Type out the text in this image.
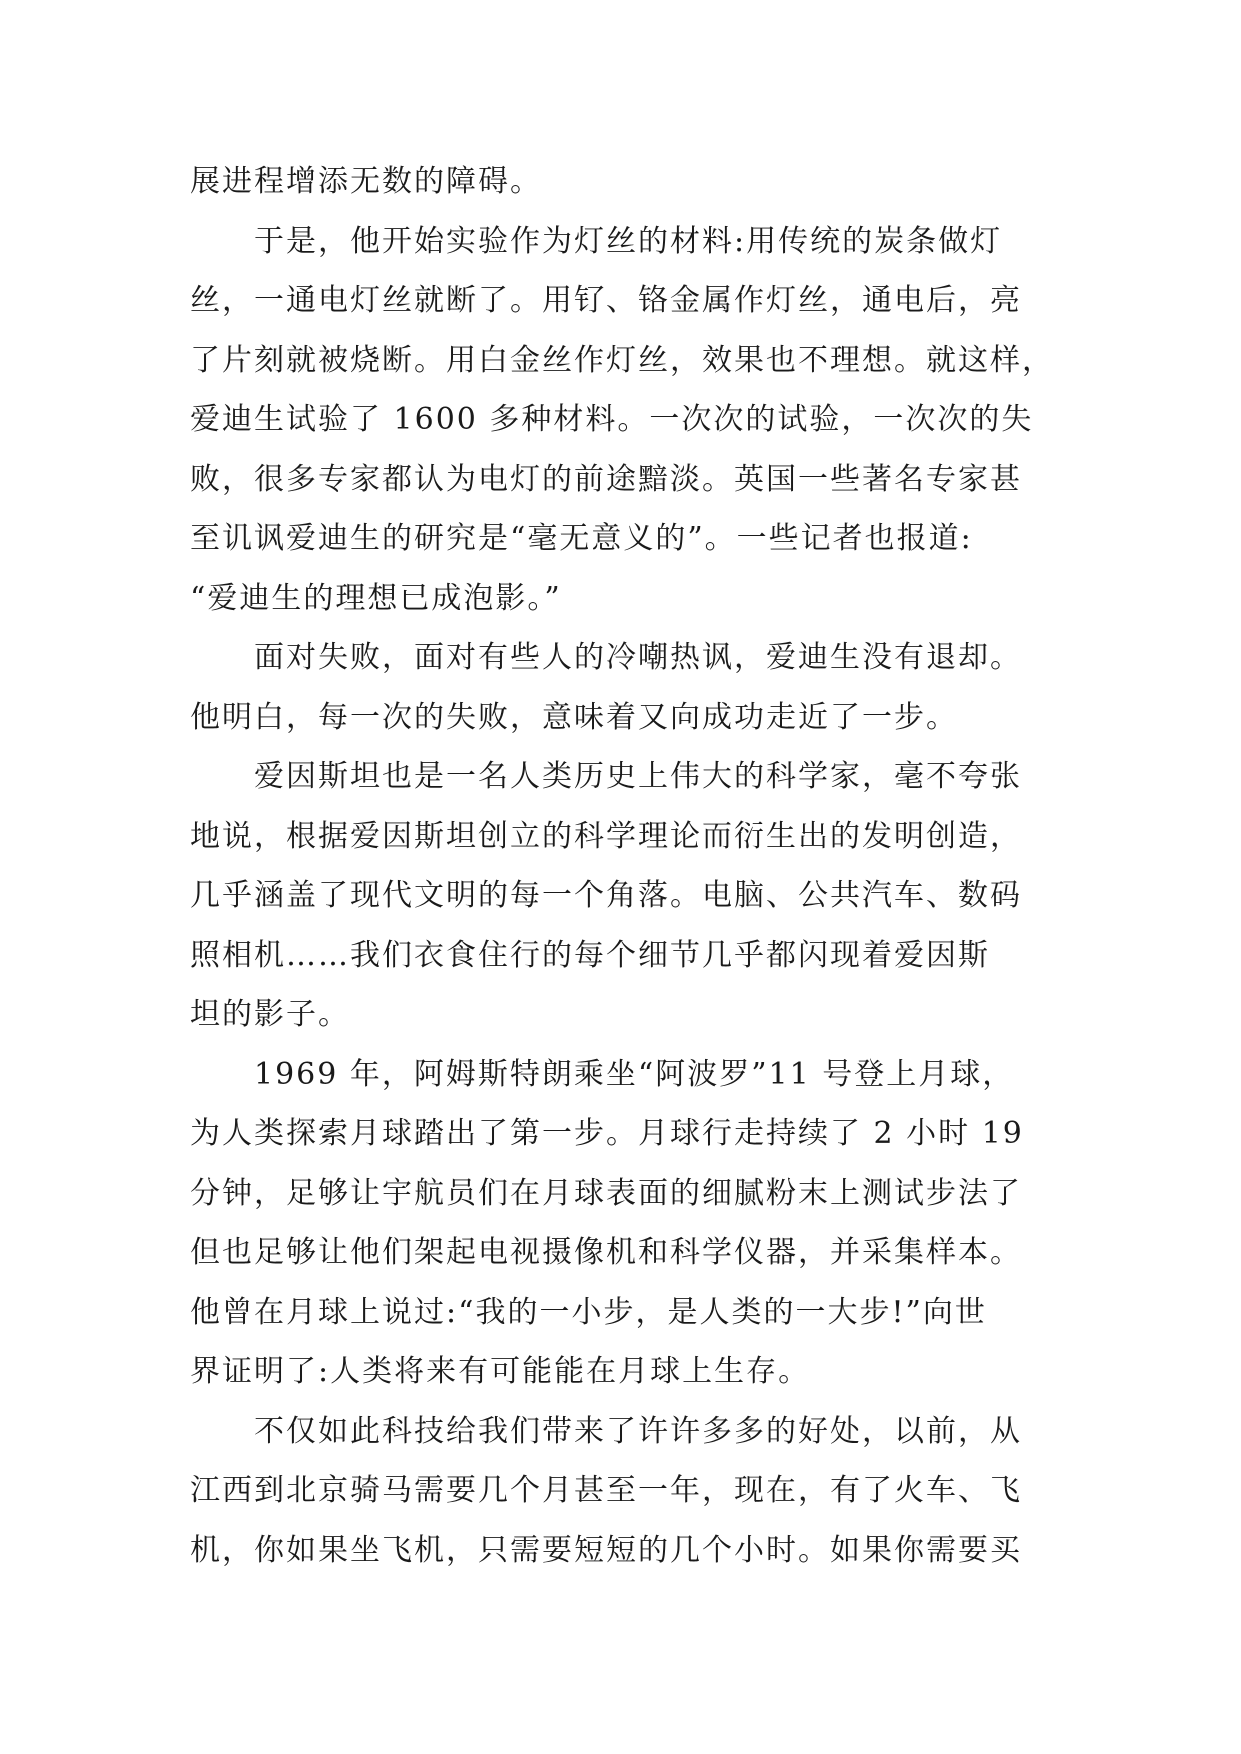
展进程增添无数的障碍。
于是，他开始实验作为灯丝的材料:用传统的炭条做灯
丝，一通电灯丝就断了。用钌、铬金属作灯丝，通电后，亮
了片刻就被烧断。用白金丝作灯丝，效果也不理想。就这样，
爱迪生试验了 1600 多种材料。一次次的试验，一次次的失
败，很多专家都认为电灯的前途黯淡。英国一些著名专家甚
至讥讽爱迪生的研究是“毫无意义的”。一些记者也报道:
“爱迪生的理想已成泡影。”
面对失败，面对有些人的冷嘲热讽，爱迪生没有退却。
他明白，每一次的失败，意味着又向成功走近了一步。
爱因斯坦也是一名人类历史上伟大的科学家，毫不夸张
地说，根据爱因斯坦创立的科学理论而衍生出的发明创造，
几乎涵盖了现代文明的每一个角落。电脑、公共汽车、数码
照相机……我们衣食住行的每个细节几乎都闪现着爱因斯
坦的影子。
1969 年，阿姆斯特朗乘坐“阿波罗”11 号登上月球，
为人类探索月球踏出了第一步。月球行走持续了 2 小时 19
分钟，足够让宇航员们在月球表面的细腻粉末上测试步法了
但也足够让他们架起电视摄像机和科学仪器，并采集样本。
他曾在月球上说过:“我的一小步，是人类的一大步!”向世
界证明了:人类将来有可能能在月球上生存。
不仅如此科技给我们带来了许许多多的好处，以前，从
江西到北京骑马需要几个月甚至一年，现在，有了火车、飞
机，你如果坐飞机，只需要短短的几个小时。如果你需要买
